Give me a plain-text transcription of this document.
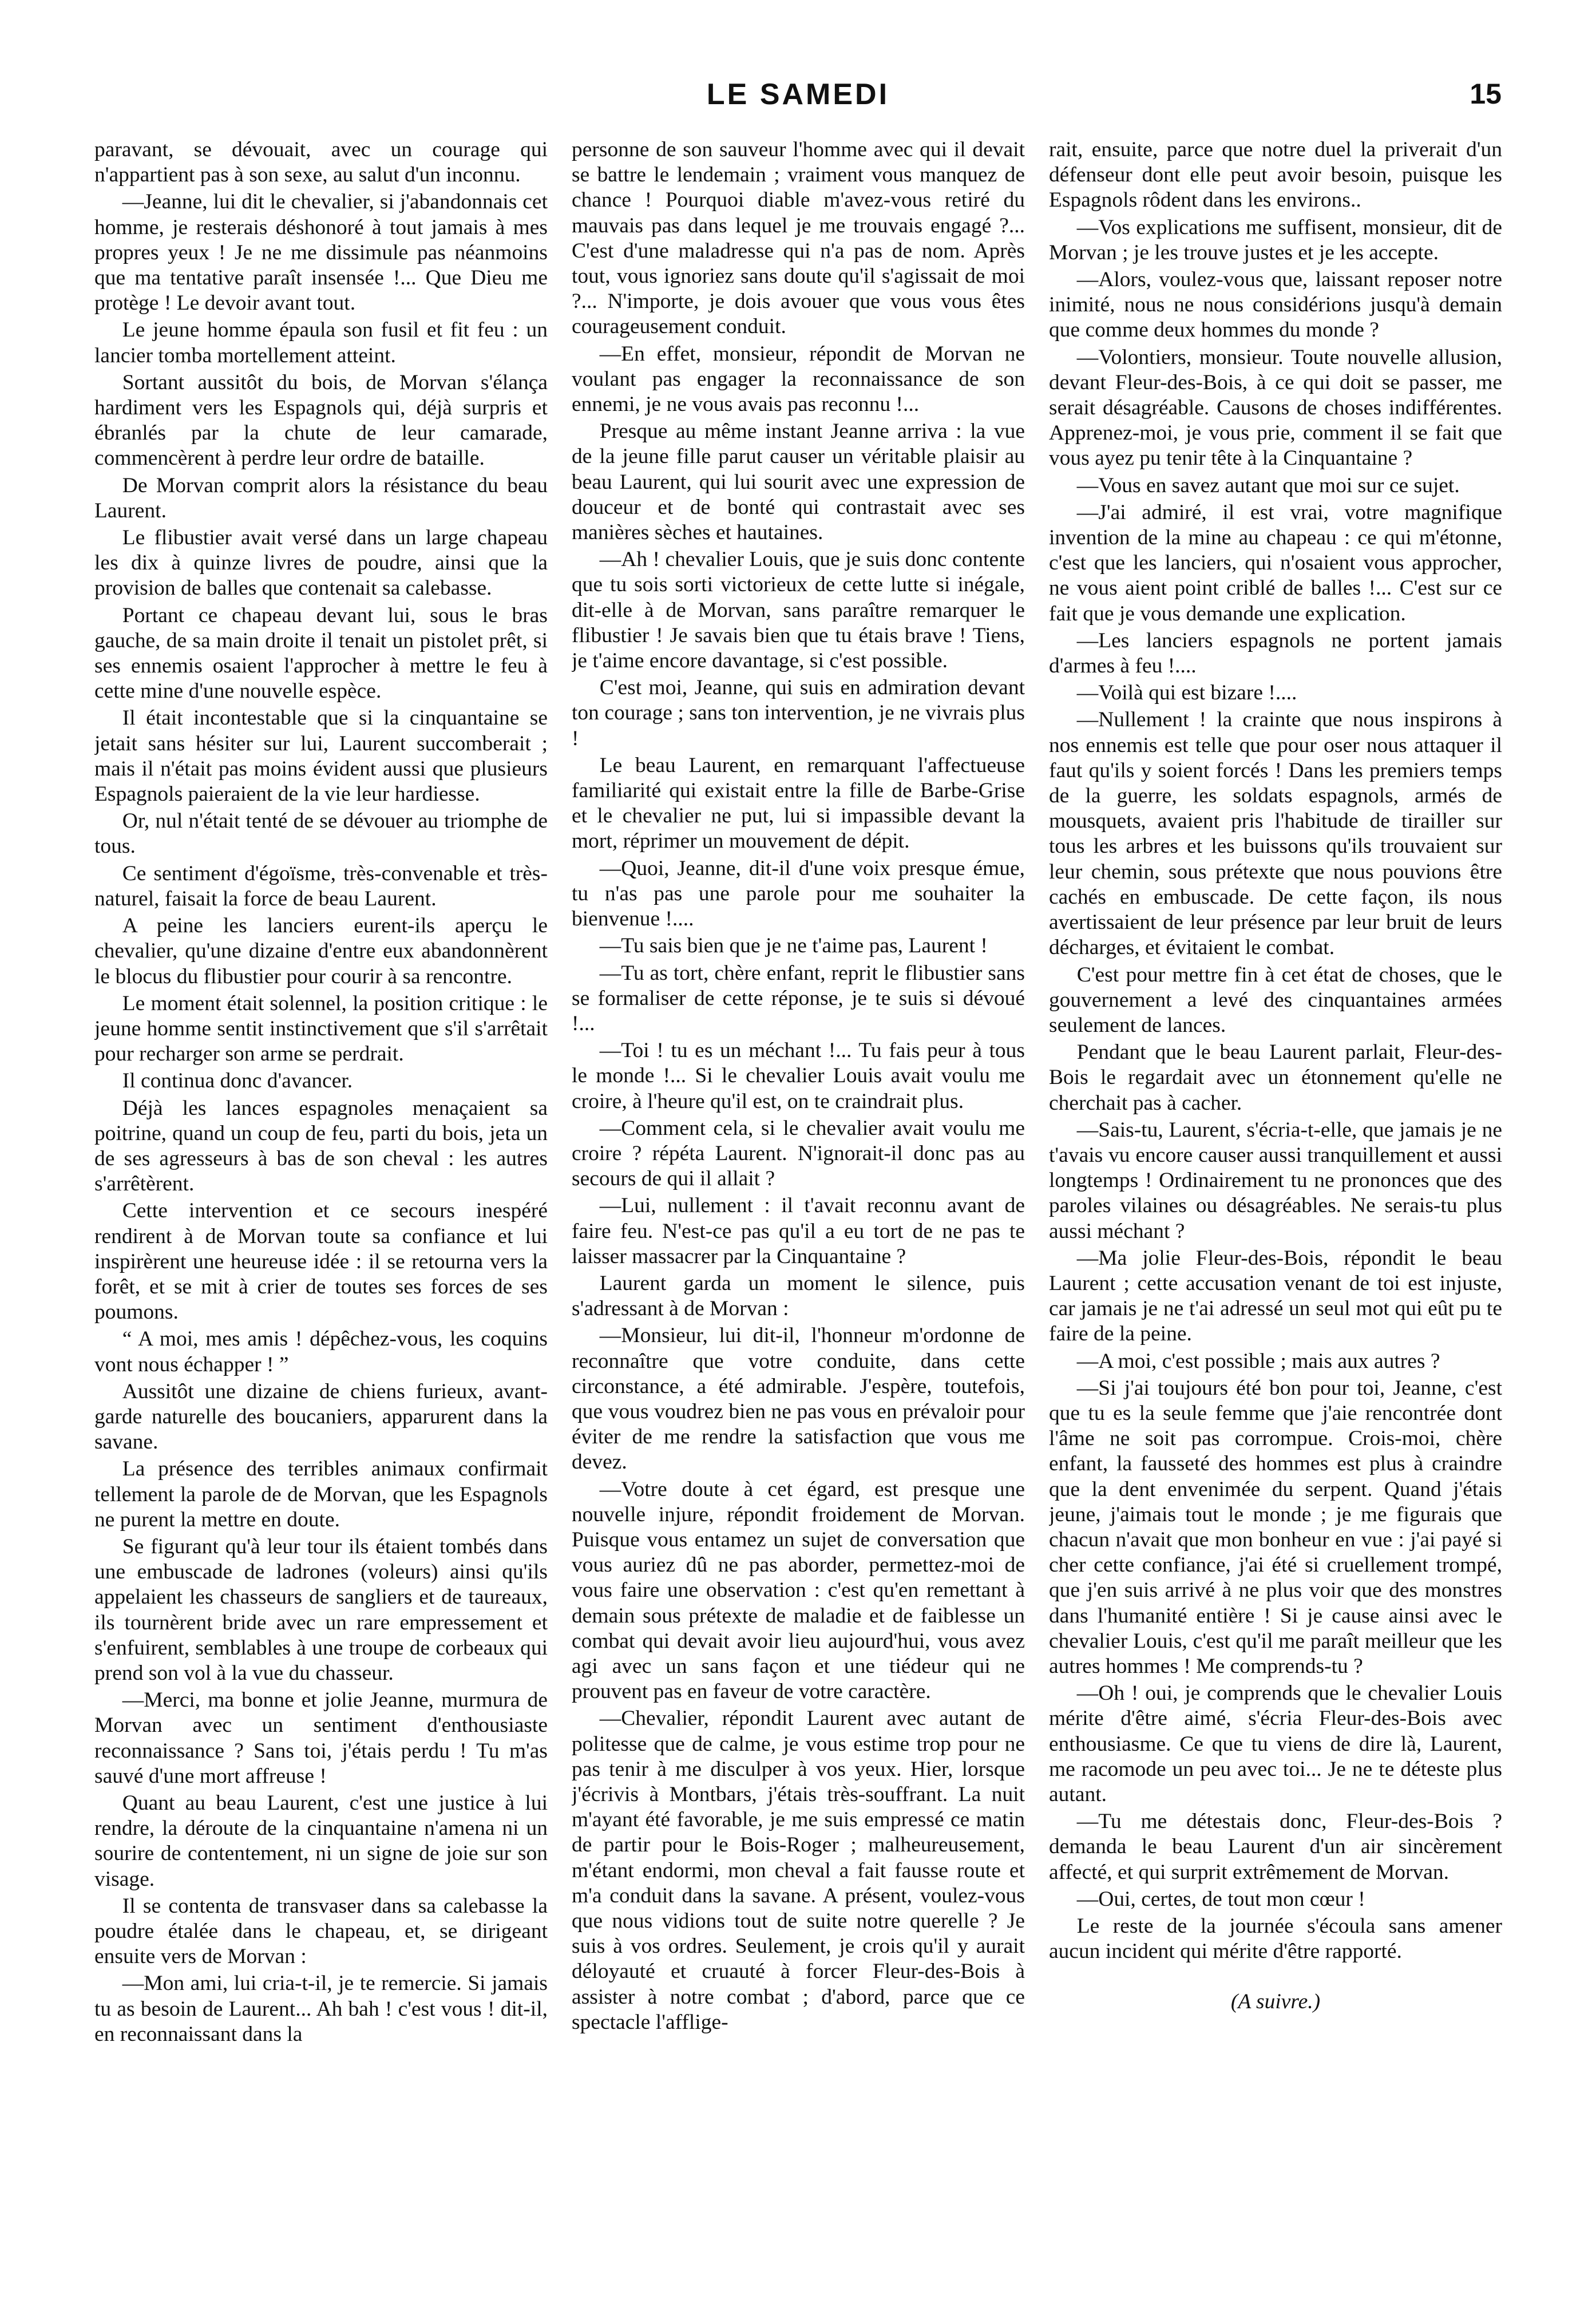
LE SAMEDI	15

paravant, se dévouait, avec un courage qui n'appartient pas à son sexe, au salut d'un inconnu.

—Jeanne, lui dit le chevalier, si j'abandonnais cet homme, je resterais déshonoré à tout jamais à mes propres yeux ! Je ne me dissimule pas néanmoins que ma tentative paraît insensée !... Que Dieu me protège ! Le devoir avant tout.

Le jeune homme épaula son fusil et fit feu : un lancier tomba mortellement atteint.

Sortant aussitôt du bois, de Morvan s'élança hardiment vers les Espagnols qui, déjà surpris et ébranlés par la chute de leur camarade, commencèrent à perdre leur ordre de bataille.

De Morvan comprit alors la résistance du beau Laurent.

Le flibustier avait versé dans un large chapeau les dix à quinze livres de poudre, ainsi que la provision de balles que contenait sa calebasse.

Portant ce chapeau devant lui, sous le bras gauche, de sa main droite il tenait un pistolet prêt, si ses ennemis osaient l'approcher à mettre le feu à cette mine d'une nouvelle espèce.

Il était incontestable que si la cinquantaine se jetait sans hésiter sur lui, Laurent succomberait ; mais il n'était pas moins évident aussi que plusieurs Espagnols paieraient de la vie leur hardiesse.

Or, nul n'était tenté de se dévouer au triomphe de tous.

Ce sentiment d'égoïsme, très-convenable et très-naturel, faisait la force de beau Laurent.

A peine les lanciers eurent-ils aperçu le chevalier, qu'une dizaine d'entre eux abandonnèrent le blocus du flibustier pour courir à sa rencontre.

Le moment était solennel, la position critique : le jeune homme sentit instinctivement que s'il s'arrêtait pour recharger son arme se perdrait.

Il continua donc d'avancer.

Déjà les lances espagnoles menaçaient sa poitrine, quand un coup de feu, parti du bois, jeta un de ses agresseurs à bas de son cheval : les autres s'arrêtèrent.

Cette intervention et ce secours inespéré rendirent à de Morvan toute sa confiance et lui inspirèrent une heureuse idée : il se retourna vers la forêt, et se mit à crier de toutes ses forces de ses poumons.

“ A moi, mes amis ! dépêchez-vous, les coquins vont nous échapper ! ”

Aussitôt une dizaine de chiens furieux, avant-garde naturelle des boucaniers, apparurent dans la savane.

La présence des terribles animaux confirmait tellement la parole de de Morvan, que les Espagnols ne purent la mettre en doute.

Se figurant qu'à leur tour ils étaient tombés dans une embuscade de ladrones (voleurs) ainsi qu'ils appelaient les chasseurs de sangliers et de taureaux, ils tournèrent bride avec un rare empressement et s'enfuirent, semblables à une troupe de corbeaux qui prend son vol à la vue du chasseur.

—Merci, ma bonne et jolie Jeanne, murmura de Morvan avec un sentiment d'enthousiaste reconnaissance ? Sans toi, j'étais perdu ! Tu m'as sauvé d'une mort affreuse !

Quant au beau Laurent, c'est une justice à lui rendre, la déroute de la cinquantaine n'amena ni un sourire de contentement, ni un signe de joie sur son visage.

Il se contenta de transvaser dans sa calebasse la poudre étalée dans le chapeau, et, se dirigeant ensuite vers de Morvan :

—Mon ami, lui cria-t-il, je te remercie. Si jamais tu as besoin de Laurent... Ah bah ! c'est vous ! dit-il, en reconnaissant dans la

personne de son sauveur l'homme avec qui il devait se battre le lendemain ; vraiment vous manquez de chance ! Pourquoi diable m'avez-vous retiré du mauvais pas dans lequel je me trouvais engagé ?... C'est d'une maladresse qui n'a pas de nom. Après tout, vous ignoriez sans doute qu'il s'agissait de moi ?... N'importe, je dois avouer que vous vous êtes courageusement conduit.

—En effet, monsieur, répondit de Morvan ne voulant pas engager la reconnaissance de son ennemi, je ne vous avais pas reconnu !...

Presque au même instant Jeanne arriva : la vue de la jeune fille parut causer un véritable plaisir au beau Laurent, qui lui sourit avec une expression de douceur et de bonté qui contrastait avec ses manières sèches et hautaines.

—Ah ! chevalier Louis, que je suis donc contente que tu sois sorti victorieux de cette lutte si inégale, dit-elle à de Morvan, sans paraître remarquer le flibustier ! Je savais bien que tu étais brave ! Tiens, je t'aime encore davantage, si c'est possible.

C'est moi, Jeanne, qui suis en admiration devant ton courage ; sans ton intervention, je ne vivrais plus !

Le beau Laurent, en remarquant l'affectueuse familiarité qui existait entre la fille de Barbe-Grise et le chevalier ne put, lui si impassible devant la mort, réprimer un mouvement de dépit.

—Quoi, Jeanne, dit-il d'une voix presque émue, tu n'as pas une parole pour me souhaiter la bienvenue !....

—Tu sais bien que je ne t'aime pas, Laurent !

—Tu as tort, chère enfant, reprit le flibustier sans se formaliser de cette réponse, je te suis si dévoué !...

—Toi ! tu es un méchant !... Tu fais peur à tous le monde !... Si le chevalier Louis avait voulu me croire, à l'heure qu'il est, on te craindrait plus.

—Comment cela, si le chevalier avait voulu me croire ? répéta Laurent. N'ignorait-il donc pas au secours de qui il allait ?

—Lui, nullement : il t'avait reconnu avant de faire feu. N'est-ce pas qu'il a eu tort de ne pas te laisser massacrer par la Cinquantaine ?

Laurent garda un moment le silence, puis s'adressant à de Morvan :

—Monsieur, lui dit-il, l'honneur m'ordonne de reconnaître que votre conduite, dans cette circonstance, a été admirable. J'espère, toutefois, que vous voudrez bien ne pas vous en prévaloir pour éviter de me rendre la satisfaction que vous me devez.

—Votre doute à cet égard, est presque une nouvelle injure, répondit froidement de Morvan. Puisque vous entamez un sujet de conversation que vous auriez dû ne pas aborder, permettez-moi de vous faire une observation : c'est qu'en remettant à demain sous prétexte de maladie et de faiblesse un combat qui devait avoir lieu aujourd'hui, vous avez agi avec un sans façon et une tiédeur qui ne prouvent pas en faveur de votre caractère.

—Chevalier, répondit Laurent avec autant de politesse que de calme, je vous estime trop pour ne pas tenir à me disculper à vos yeux. Hier, lorsque j'écrivis à Montbars, j'étais très-souffrant. La nuit m'ayant été favorable, je me suis empressé ce matin de partir pour le Bois-Roger ; malheureusement, m'étant endormi, mon cheval a fait fausse route et m'a conduit dans la savane. A présent, voulez-vous que nous vidions tout de suite notre querelle ? Je suis à vos ordres. Seulement, je crois qu'il y aurait déloyauté et cruauté à forcer Fleur-des-Bois à assister à notre combat ; d'abord, parce que ce spectacle l'afflige-

rait, ensuite, parce que notre duel la priverait d'un défenseur dont elle peut avoir besoin, puisque les Espagnols rôdent dans les environs..

—Vos explications me suffisent, monsieur, dit de Morvan ; je les trouve justes et je les accepte.

—Alors, voulez-vous que, laissant reposer notre inimité, nous ne nous considérions jusqu'à demain que comme deux hommes du monde ?

—Volontiers, monsieur. Toute nouvelle allusion, devant Fleur-des-Bois, à ce qui doit se passer, me serait désagréable. Causons de choses indifférentes. Apprenez-moi, je vous prie, comment il se fait que vous ayez pu tenir tête à la Cinquantaine ?

—Vous en savez autant que moi sur ce sujet.

—J'ai admiré, il est vrai, votre magnifique invention de la mine au chapeau : ce qui m'étonne, c'est que les lanciers, qui n'osaient vous approcher, ne vous aient point criblé de balles !... C'est sur ce fait que je vous demande une explication.

—Les lanciers espagnols ne portent jamais d'armes à feu !....

—Voilà qui est bizare !....

—Nullement ! la crainte que nous inspirons à nos ennemis est telle que pour oser nous attaquer il faut qu'ils y soient forcés ! Dans les premiers temps de la guerre, les soldats espagnols, armés de mousquets, avaient pris l'habitude de tirailler sur tous les arbres et les buissons qu'ils trouvaient sur leur chemin, sous prétexte que nous pouvions être cachés en embuscade. De cette façon, ils nous avertissaient de leur présence par leur bruit de leurs décharges, et évitaient le combat.

C'est pour mettre fin à cet état de choses, que le gouvernement a levé des cinquantaines armées seulement de lances.

Pendant que le beau Laurent parlait, Fleur-des-Bois le regardait avec un étonnement qu'elle ne cherchait pas à cacher.

—Sais-tu, Laurent, s'écria-t-elle, que jamais je ne t'avais vu encore causer aussi tranquillement et aussi longtemps ! Ordinairement tu ne prononces que des paroles vilaines ou désagréables. Ne serais-tu plus aussi méchant ?

—Ma jolie Fleur-des-Bois, répondit le beau Laurent ; cette accusation venant de toi est injuste, car jamais je ne t'ai adressé un seul mot qui eût pu te faire de la peine.

—A moi, c'est possible ; mais aux autres ?

—Si j'ai toujours été bon pour toi, Jeanne, c'est que tu es la seule femme que j'aie rencontrée dont l'âme ne soit pas corrompue. Crois-moi, chère enfant, la fausseté des hommes est plus à craindre que la dent envenimée du serpent. Quand j'étais jeune, j'aimais tout le monde ; je me figurais que chacun n'avait que mon bonheur en vue : j'ai payé si cher cette confiance, j'ai été si cruellement trompé, que j'en suis arrivé à ne plus voir que des monstres dans l'humanité entière ! Si je cause ainsi avec le chevalier Louis, c'est qu'il me paraît meilleur que les autres hommes ! Me comprends-tu ?

—Oh ! oui, je comprends que le chevalier Louis mérite d'être aimé, s'écria Fleur-des-Bois avec enthousiasme. Ce que tu viens de dire là, Laurent, me racomode un peu avec toi... Je ne te déteste plus autant.

—Tu me détestais donc, Fleur-des-Bois ? demanda le beau Laurent d'un air sincèrement affecté, et qui surprit extrêmement de Morvan.

—Oui, certes, de tout mon cœur !

Le reste de la journée s'écoula sans amener aucun incident qui mérite d'être rapporté.

(A suivre.)
